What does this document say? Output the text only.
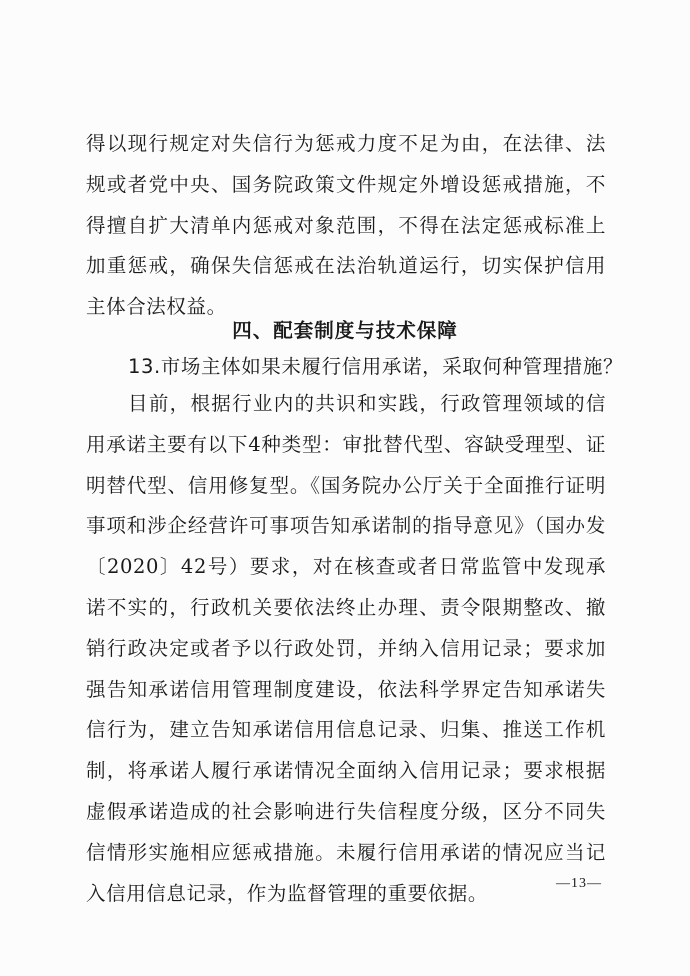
得以现行规定对失信行为惩戒力度不足为由，在法律、法规或者党中央、国务院政策文件规定外增设惩戒措施，不得擅自扩大清单内惩戒对象范围，不得在法定惩戒标准上加重惩戒，确保失信惩戒在法治轨道运行，切实保护信用主体合法权益。

四、配套制度与技术保障
13.市场主体如果未履行信用承诺，采取何种管理措施？

目前，根据行业内的共识和实践，行政管理领域的信用承诺主要有以下4种类型：审批替代型、容缺受理型、证明替代型、信用修复型。《国务院办公厅关于全面推行证明事项和涉企经营许可事项告知承诺制的指导意见》（国办发〔2020〕42号）要求，对在核查或者日常监管中发现承诺不实的，行政机关要依法终止办理、责令限期整改、撤销行政决定或者予以行政处罚，并纳入信用记录；要求加强告知承诺信用管理制度建设，依法科学界定告知承诺失信行为，建立告知承诺信用信息记录、归集、推送工作机制，将承诺人履行承诺情况全面纳入信用记录；要求根据虚假承诺造成的社会影响进行失信程度分级，区分不同失信情形实施相应惩戒措施。未履行信用承诺的情况应当记入信用信息记录，作为监督管理的重要依据。	—13—
